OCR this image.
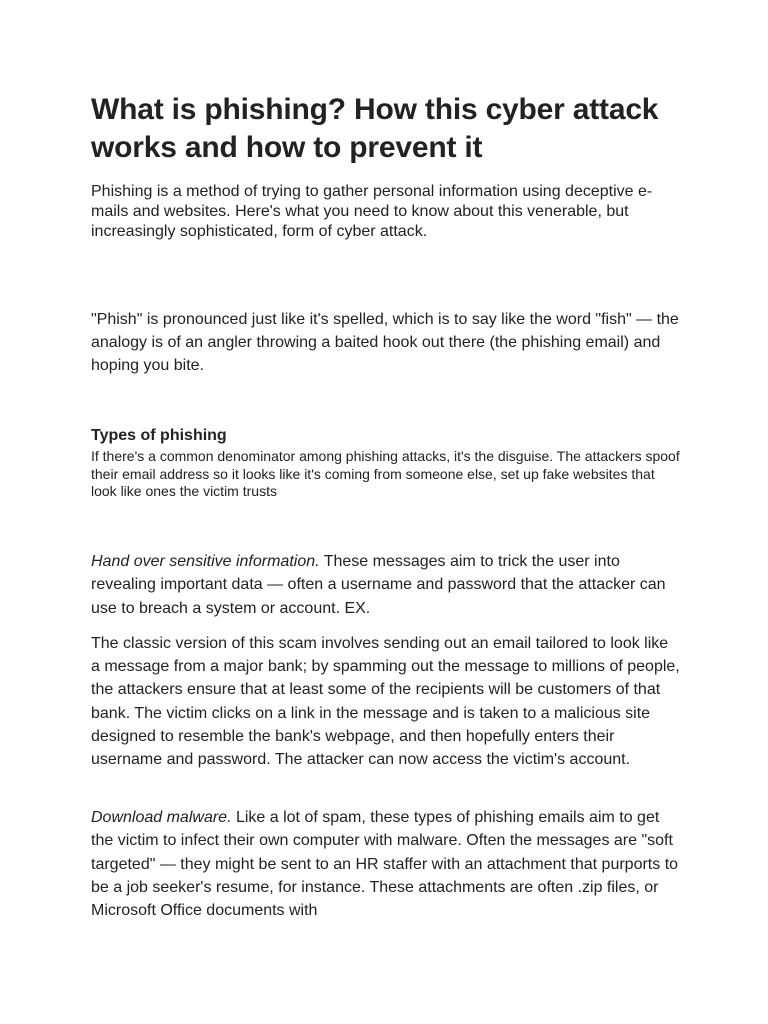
What is phishing? How this cyber attack works and how to prevent it

Phishing is a method of trying to gather personal information using deceptive e-mails and websites. Here's what you need to know about this venerable, but increasingly sophisticated, form of cyber attack.

"Phish" is pronounced just like it's spelled, which is to say like the word "fish" — the analogy is of an angler throwing a baited hook out there (the phishing email) and hoping you bite.

Types of phishing

If there's a common denominator among phishing attacks, it's the disguise. The attackers spoof their email address so it looks like it's coming from someone else, set up fake websites that look like ones the victim trusts

Hand over sensitive information. These messages aim to trick the user into revealing important data — often a username and password that the attacker can use to breach a system or account. EX.

The classic version of this scam involves sending out an email tailored to look like a message from a major bank; by spamming out the message to millions of people, the attackers ensure that at least some of the recipients will be customers of that bank. The victim clicks on a link in the message and is taken to a malicious site designed to resemble the bank's webpage, and then hopefully enters their username and password. The attacker can now access the victim's account.

Download malware. Like a lot of spam, these types of phishing emails aim to get the victim to infect their own computer with malware. Often the messages are "soft targeted" — they might be sent to an HR staffer with an attachment that purports to be a job seeker's resume, for instance. These attachments are often .zip files, or Microsoft Office documents with
